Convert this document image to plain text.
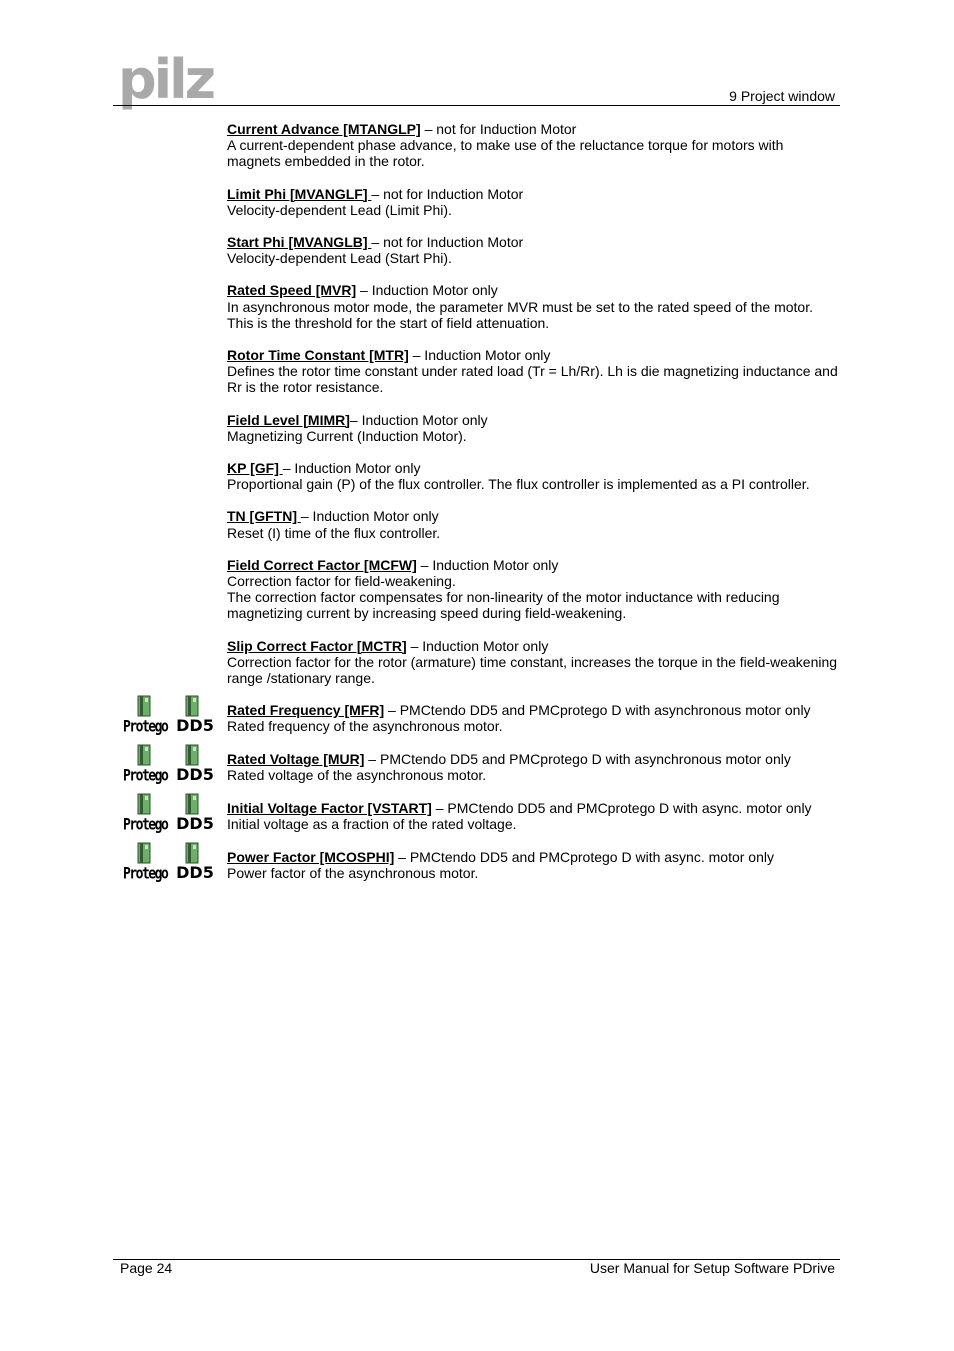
pilz	9 Project window
Current Advance [MTANGLP] – not for Induction Motor
A current-dependent phase advance, to make use of the reluctance torque for motors with magnets embedded in the rotor.
Limit Phi [MVANGLF] – not for Induction Motor
Velocity-dependent Lead (Limit Phi).
Start Phi [MVANGLB] – not for Induction Motor
Velocity-dependent Lead (Start Phi).
Rated Speed [MVR] – Induction Motor only
In asynchronous motor mode, the parameter MVR must be set to the rated speed of the motor. This is the threshold for the start of field attenuation.
Rotor Time Constant [MTR] – Induction Motor only
Defines the rotor time constant under rated load (Tr = Lh/Rr). Lh is die magnetizing inductance and Rr is the rotor resistance.
Field Level [MIMR]– Induction Motor only
Magnetizing Current (Induction Motor).
KP [GF] – Induction Motor only
Proportional gain (P) of the flux controller. The flux controller is implemented as a PI controller.
TN [GFTN] – Induction Motor only
Reset (I) time of the flux controller.
Field Correct Factor [MCFW] – Induction Motor only
Correction factor for field-weakening.
The correction factor compensates for non-linearity of the motor inductance with reducing magnetizing current by increasing speed during field-weakening.
Slip Correct Factor [MCTR] – Induction Motor only
Correction factor for the rotor (armature) time constant, increases the torque in the field-weakening range /stationary range.
Protego DD5
Rated Frequency [MFR] – PMCtendo DD5 and PMCprotego D with asynchronous motor only
Rated frequency of the asynchronous motor.
Protego DD5
Rated Voltage [MUR] – PMCtendo DD5 and PMCprotego D with asynchronous motor only
Rated voltage of the asynchronous motor.
Protego DD5
Initial Voltage Factor [VSTART] – PMCtendo DD5 and PMCprotego D with async. motor only
Initial voltage as a fraction of the rated voltage.
Protego DD5
Power Factor [MCOSPHI] – PMCtendo DD5 and PMCprotego D with async. motor only
Power factor of the asynchronous motor.
Page 24	User Manual for Setup Software PDrive
